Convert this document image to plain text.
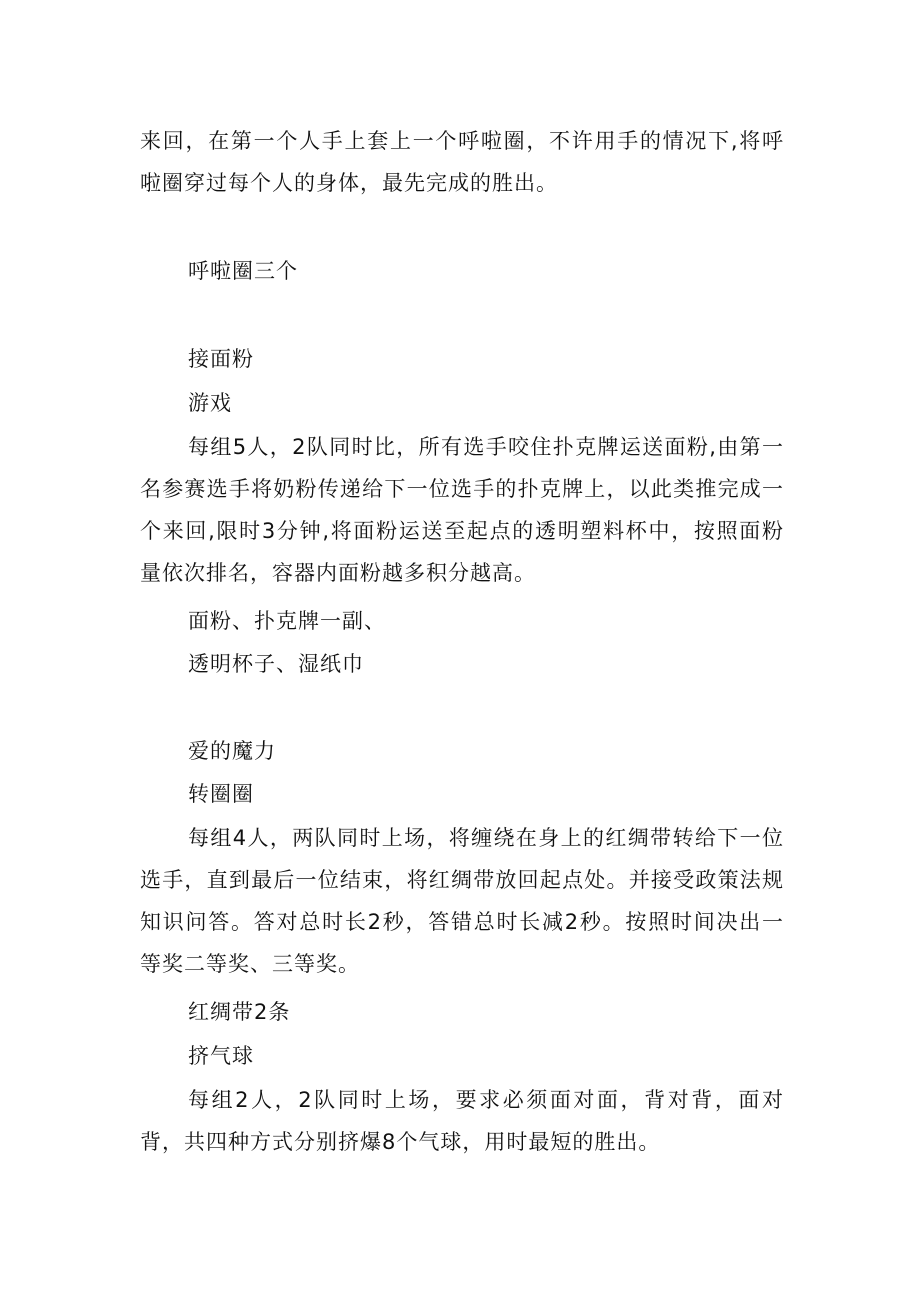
来回，在第一个人手上套上一个呼啦圈，不许用手的情况下,将呼啦圈穿过每个人的身体，最先完成的胜出。

呼啦圈三个

接面粉

游戏

每组5人，2队同时比，所有选手咬住扑克牌运送面粉,由第一名参赛选手将奶粉传递给下一位选手的扑克牌上，以此类推完成一个来回,限时3分钟,将面粉运送至起点的透明塑料杯中，按照面粉量依次排名，容器内面粉越多积分越高。

面粉、扑克牌一副、

透明杯子、湿纸巾

爱的魔力

转圈圈

每组4人，两队同时上场，将缠绕在身上的红绸带转给下一位选手，直到最后一位结束，将红绸带放回起点处。并接受政策法规知识问答。答对总时长2秒，答错总时长减2秒。按照时间决出一等奖二等奖、三等奖。

红绸带2条

挤气球

每组2人，2队同时上场，要求必须面对面，背对背，面对背，共四种方式分别挤爆8个气球，用时最短的胜出。
